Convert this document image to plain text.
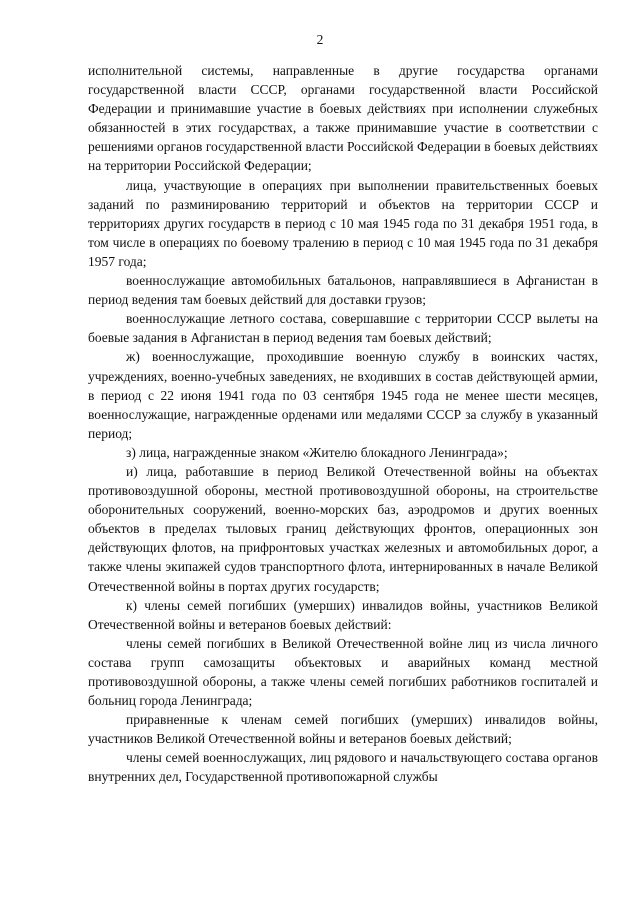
2

исполнительной системы, направленные в другие государства органами государственной власти СССР, органами государственной власти Российской Федерации и принимавшие участие в боевых действиях при исполнении служебных обязанностей в этих государствах, а также принимавшие участие в соответствии с решениями органов государственной власти Российской Федерации в боевых действиях на территории Российской Федерации;

лица, участвующие в операциях при выполнении правительственных боевых заданий по разминированию территорий и объектов на территории СССР и территориях других государств в период с 10 мая 1945 года по 31 декабря 1951 года, в том числе в операциях по боевому тралению в период с 10 мая 1945 года по 31 декабря 1957 года;

военнослужащие автомобильных батальонов, направлявшиеся в Афганистан в период ведения там боевых действий для доставки грузов;

военнослужащие летного состава, совершавшие с территории СССР вылеты на боевые задания в Афганистан в период ведения там боевых действий;

ж) военнослужащие, проходившие военную службу в воинских частях, учреждениях, военно-учебных заведениях, не входивших в состав действующей армии, в период с 22 июня 1941 года по 03 сентября 1945 года не менее шести месяцев, военнослужащие, награжденные орденами или медалями СССР за службу в указанный период;

з) лица, награжденные знаком «Жителю блокадного Ленинграда»;

и) лица, работавшие в период Великой Отечественной войны на объектах противовоздушной обороны, местной противовоздушной обороны, на строительстве оборонительных сооружений, военно-морских баз, аэродромов и других военных объектов в пределах тыловых границ действующих фронтов, операционных зон действующих флотов, на прифронтовых участках железных и автомобильных дорог, а также члены экипажей судов транспортного флота, интернированных в начале Великой Отечественной войны в портах других государств;

к) члены семей погибших (умерших) инвалидов войны, участников Великой Отечественной войны и ветеранов боевых действий:

члены семей погибших в Великой Отечественной войне лиц из числа личного состава групп самозащиты объектовых и аварийных команд местной противовоздушной обороны, а также члены семей погибших работников госпиталей и больниц города Ленинграда;

приравненные к членам семей погибших (умерших) инвалидов войны, участников Великой Отечественной войны и ветеранов боевых действий;

члены семей военнослужащих, лиц рядового и начальствующего состава органов внутренних дел, Государственной противопожарной службы
